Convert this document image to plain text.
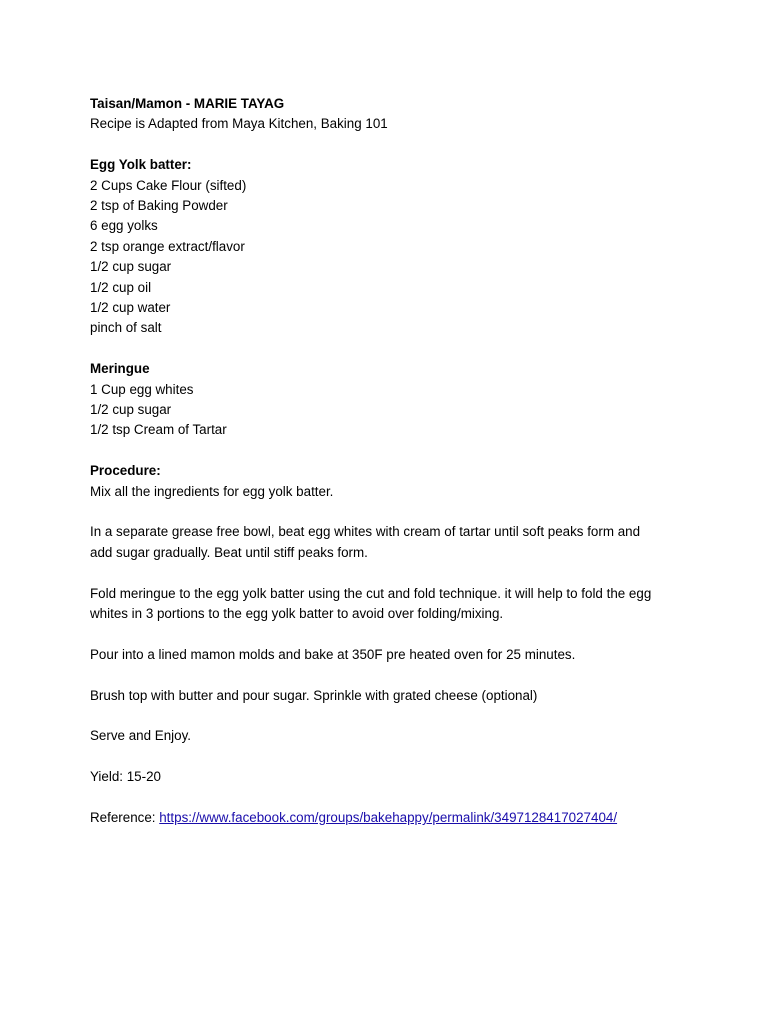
Taisan/Mamon - MARIE TAYAG
Recipe is Adapted from Maya Kitchen, Baking 101
Egg Yolk batter:
2 Cups Cake Flour (sifted)
2 tsp of Baking Powder
6 egg yolks
2 tsp orange extract/flavor
1/2 cup sugar
1/2 cup oil
1/2 cup water
pinch of salt
Meringue
1 Cup egg whites
1/2 cup sugar
1/2 tsp Cream of Tartar
Procedure:
Mix all the ingredients for egg yolk batter.
In a separate grease free bowl, beat egg whites with cream of tartar until soft peaks form and
add sugar gradually. Beat until stiff peaks form.
Fold meringue to the egg yolk batter using the cut and fold technique. it will help to fold the egg
whites in 3 portions to the egg yolk batter to avoid over folding/mixing.
Pour into a lined mamon molds and bake at 350F pre heated oven for 25 minutes.
Brush top with butter and pour sugar. Sprinkle with grated cheese (optional)
Serve and Enjoy.
Yield: 15-20
Reference: https://www.facebook.com/groups/bakehappy/permalink/3497128417027404/
